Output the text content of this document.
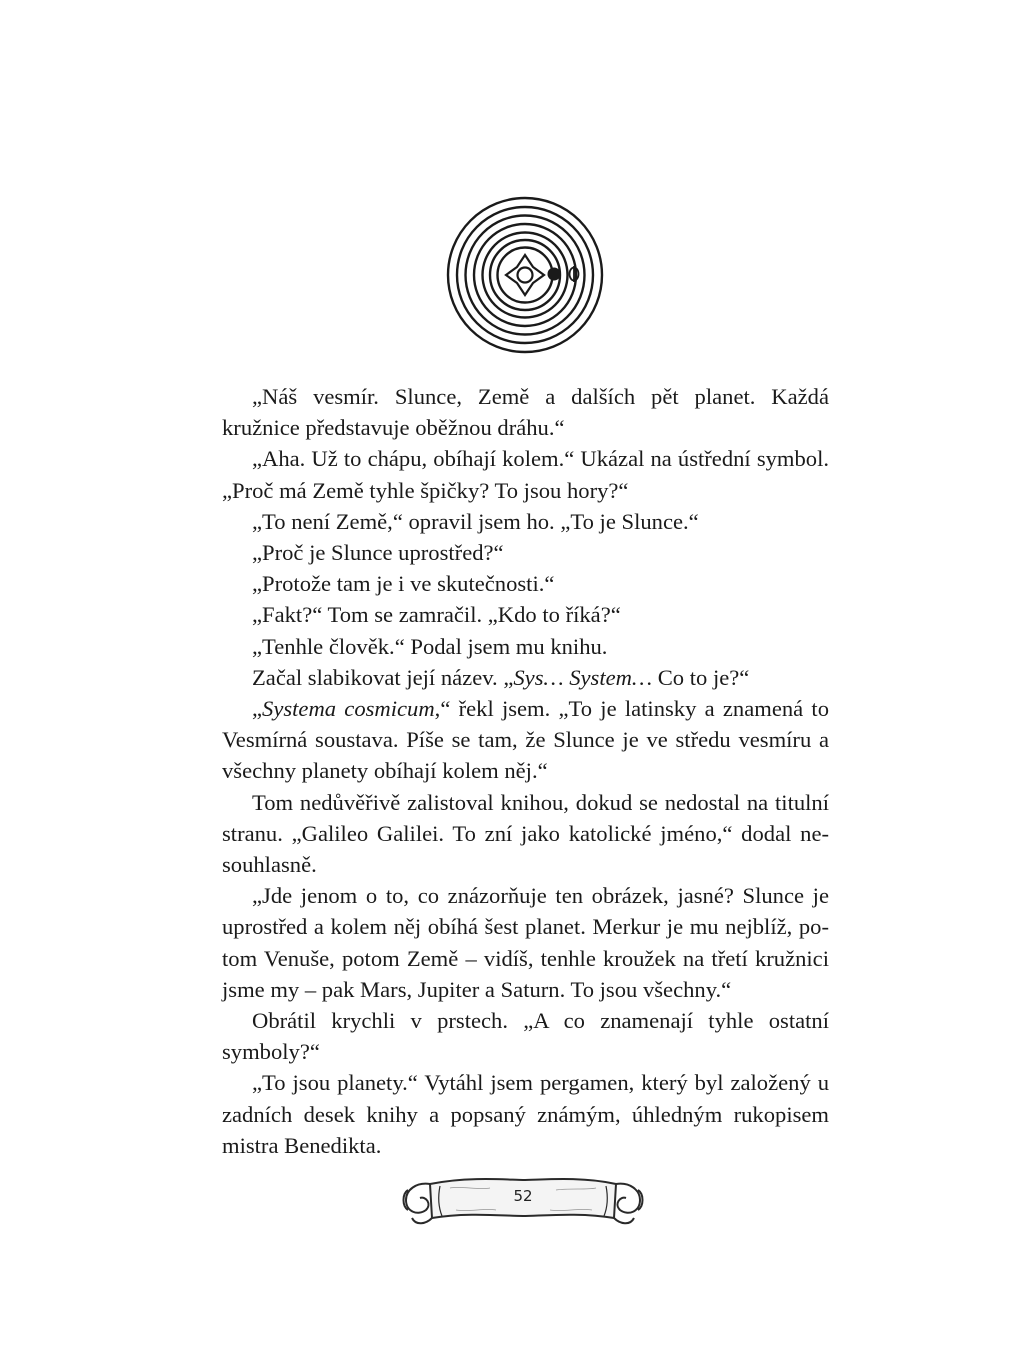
„Náš vesmír. Slunce, Země a dalších pět planet. Každá kružnice představuje oběžnou dráhu.“

„Aha. Už to chápu, obíhají kolem.“ Ukázal na ústřední symbol. „Proč má Země tyhle špičky? To jsou hory?“

„To není Země,“ opravil jsem ho. „To je Slunce.“

„Proč je Slunce uprostřed?“

„Protože tam je i ve skutečnosti.“

„Fakt?“ Tom se zamračil. „Kdo to říká?“

„Tenhle člověk.“ Podal jsem mu knihu.

Začal slabikovat její název. „Sys… System… Co to je?“

„Systema cosmicum,“ řekl jsem. „To je latinsky a znamená to Vesmírná soustava. Píše se tam, že Slunce je ve středu vesmíru a všechny planety obíhají kolem něj.“

Tom nedůvěřivě zalistoval knihou, dokud se nedostal na titulní stranu. „Galileo Galilei. To zní jako katolické jméno,“ dodal nesouhlasně.

„Jde jenom o to, co znázorňuje ten obrázek, jasné? Slunce je uprostřed a kolem něj obíhá šest planet. Merkur je mu nejblíž, potom Venuše, potom Země – vidíš, tenhle kroužek na třetí kružnici jsme my – pak Mars, Jupiter a Saturn. To jsou všechny.“

Obrátil krychli v prstech. „A co znamenají tyhle ostatní symboly?“

„To jsou planety.“ Vytáhl jsem pergamen, který byl založený u zadních desek knihy a popsaný známým, úhledným rukopisem mistra Benedikta.

52
